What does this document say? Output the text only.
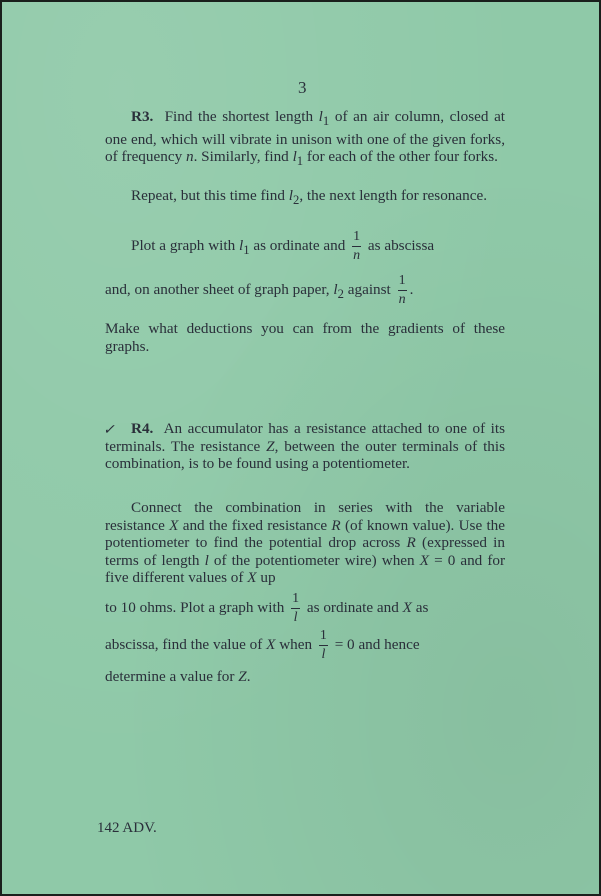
3

R3. Find the shortest length $l_1$ of an air column, closed at one end, which will vibrate in unison with one of the given forks, of frequency n. Similarly, find $l_1$ for each of the other four forks.

Repeat, but this time find $l_2$, the next length for resonance.

Plot a graph with $l_1$ as ordinate and $\frac{1}{n}$ as abscissa
and, on another sheet of graph paper, $l_2$ against $\frac{1}{n}$ .

Make what deductions you can from the gradients of these graphs.

✓	R4. An accumulator has a resistance attached to one of its terminals. The resistance Z, between the outer terminals of this combination, is to be found using a potentiometer.

Connect the combination in series with the variable resistance X and the fixed resistance R (of known value). Use the potentiometer to find the potential drop across R (expressed in terms of length l of the potentiometer wire) when X = 0 and for five different values of X up

to 10 ohms. Plot a graph with $\frac{1}{l}$ as ordinate and X as
abscissa, find the value of X when $\frac{1}{l} = 0$ and hence
determine a value for Z.
142 ADV.
